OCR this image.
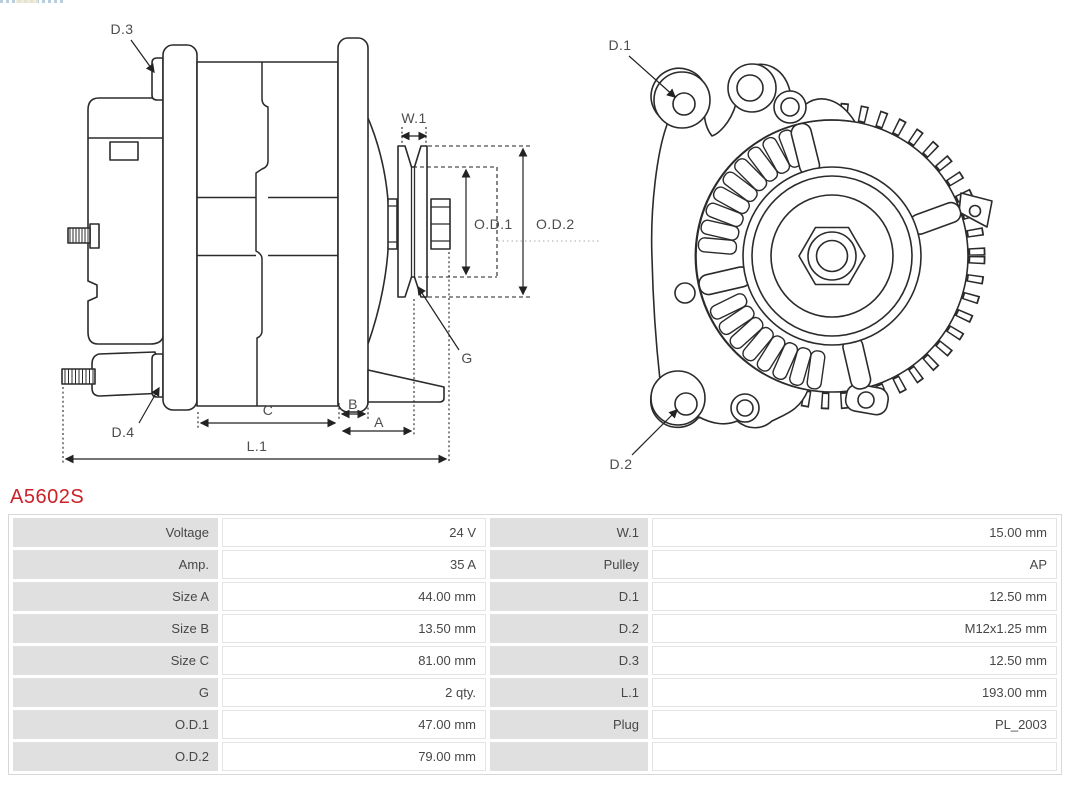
D.3
W.1
O.D.1 O.D.2
G
D.4
C	B
A
L.1
D.1
D.2
A5602S
Voltage	24 V	W.1	15.00 mm
Amp.	35 A	Pulley	AP
Size A	44.00 mm	D.1	12.50 mm
Size B	13.50 mm	D.2	M12x1.25 mm
Size C	81.00 mm	D.3	12.50 mm
G	2 qty.	L.1	193.00 mm
O.D.1	47.00 mm	Plug	PL_2003
O.D.2	79.00 mm		
